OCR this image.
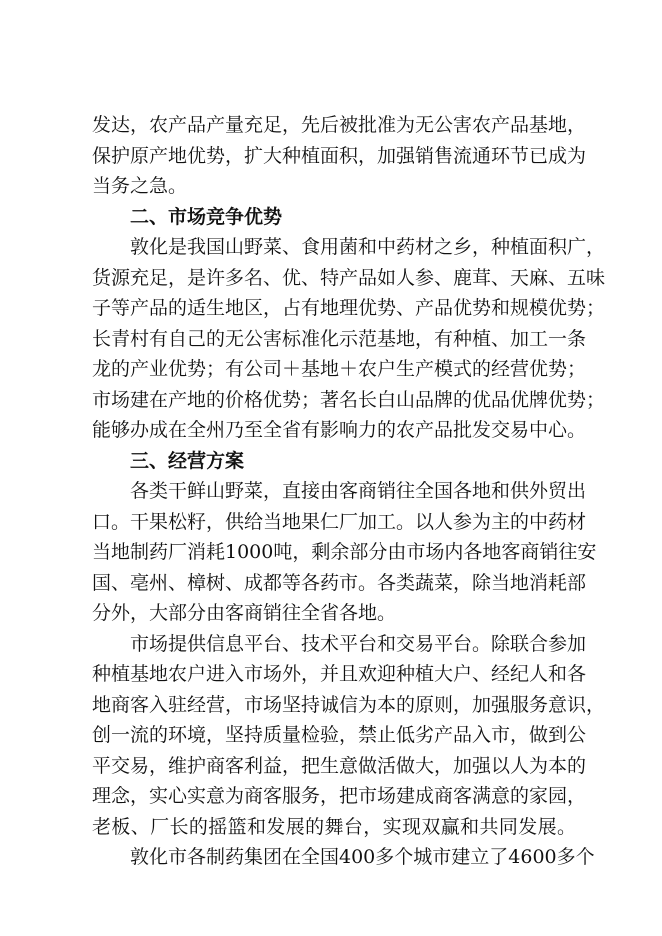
发达，农产品产量充足，先后被批准为无公害农产品基地，
保护原产地优势，扩大种植面积，加强销售流通环节已成为
当务之急。
二、市场竞争优势
敦化是我国山野菜、食用菌和中药材之乡，种植面积广，
货源充足，是许多名、优、特产品如人参、鹿茸、天麻、五味
子等产品的适生地区，占有地理优势、产品优势和规模优势；
长青村有自己的无公害标准化示范基地，有种植、加工一条
龙的产业优势；有公司＋基地＋农户生产模式的经营优势；
市场建在产地的价格优势；著名长白山品牌的优品优牌优势；
能够办成在全州乃至全省有影响力的农产品批发交易中心。
三、经营方案
各类干鲜山野菜，直接由客商销往全国各地和供外贸出
口。干果松籽，供给当地果仁厂加工。以人参为主的中药材
当地制药厂消耗1000吨，剩余部分由市场内各地客商销往安
国、亳州、樟树、成都等各药市。各类蔬菜，除当地消耗部
分外，大部分由客商销往全省各地。
市场提供信息平台、技术平台和交易平台。除联合参加
种植基地农户进入市场外，并且欢迎种植大户、经纪人和各
地商客入驻经营，市场坚持诚信为本的原则，加强服务意识，
创一流的环境，坚持质量检验，禁止低劣产品入市，做到公
平交易，维护商客利益，把生意做活做大，加强以人为本的
理念，实心实意为商客服务，把市场建成商客满意的家园，
老板、厂长的摇篮和发展的舞台，实现双赢和共同发展。
敦化市各制药集团在全国400多个城市建立了4600多个
